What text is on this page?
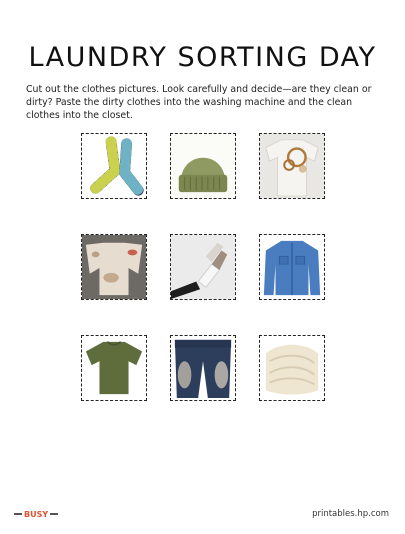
LAUNDRY SORTING DAY
Cut out the clothes pictures. Look carefully and decide—are they clean or dirty? Paste the dirty clothes into the washing machine and the clean clothes into the closet.
BUSY	printables.hp.com
